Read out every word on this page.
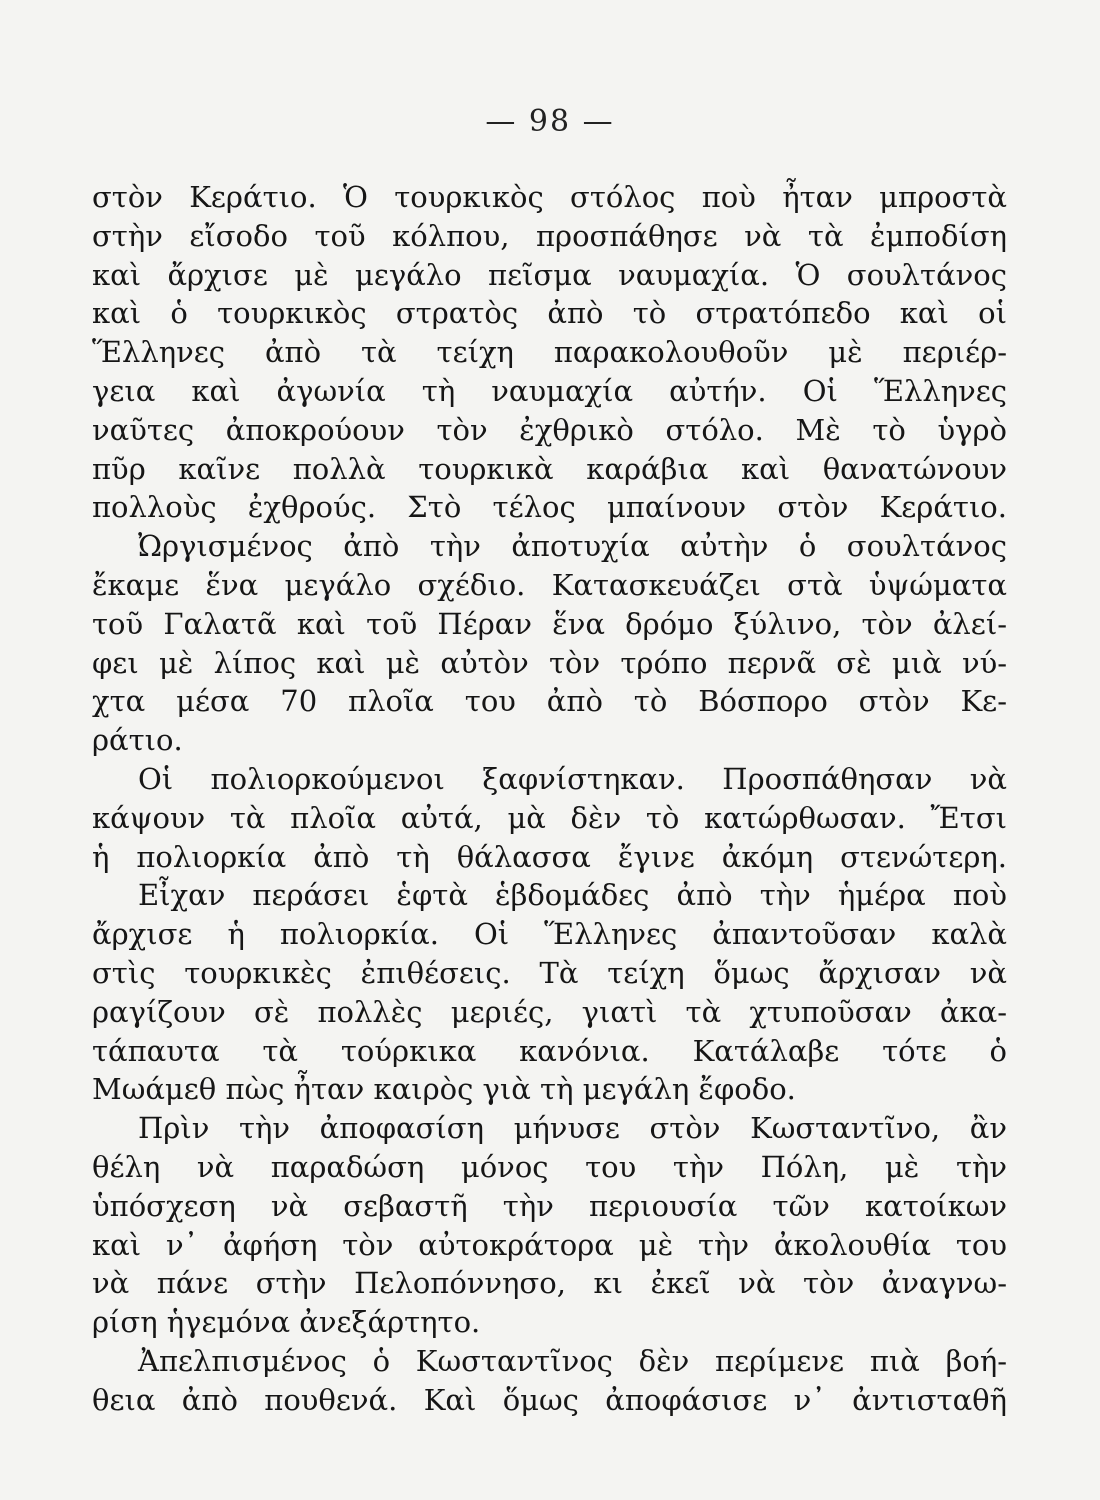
— 98 —
στὸν Κεράτιο. Ὁ τουρκικὸς στόλος ποὺ ἦταν μπροστὰ
στὴν εἴσοδο τοῦ κόλπου, προσπάθησε νὰ τὰ ἐμποδίση
καὶ ἄρχισε μὲ μεγάλο πεῖσμα ναυμαχία. Ὁ σουλτάνος
καὶ ὁ τουρκικὸς στρατὸς ἀπὸ τὸ στρατόπεδο καὶ οἱ
Ἕλληνες ἀπὸ τὰ τείχη παρακολουθοῦν μὲ περιέρ-
γεια καὶ ἀγωνία τὴ ναυμαχία αὐτήν. Οἱ Ἕλληνες
ναῦτες ἀποκρούουν τὸν ἐχθρικὸ στόλο. Μὲ τὸ ὑγρὸ
πῦρ καῖνε πολλὰ τουρκικὰ καράβια καὶ θανατώνουν
πολλοὺς ἐχθρούς. Στὸ τέλος μπαίνουν στὸν Κεράτιο.
Ὠργισμένος ἀπὸ τὴν ἀποτυχία αὐτὴν ὁ σουλτάνος
ἔκαμε ἕνα μεγάλο σχέδιο. Κατασκευάζει στὰ ὑψώματα
τοῦ Γαλατᾶ καὶ τοῦ Πέραν ἕνα δρόμο ξύλινο, τὸν ἀλεί-
φει μὲ λίπος καὶ μὲ αὐτὸν τὸν τρόπο περνᾶ σὲ μιὰ νύ-
χτα μέσα 70 πλοῖα του ἀπὸ τὸ Βόσπορο στὸν Κε-
ράτιο.
Οἱ πολιορκούμενοι ξαφνίστηκαν. Προσπάθησαν νὰ
κάψουν τὰ πλοῖα αὐτά, μὰ δὲν τὸ κατώρθωσαν. Ἔτσι
ἡ πολιορκία ἀπὸ τὴ θάλασσα ἔγινε ἀκόμη στενώτερη.
Εἶχαν περάσει ἑφτὰ ἑβδομάδες ἀπὸ τὴν ἡμέρα ποὺ
ἄρχισε ἡ πολιορκία. Οἱ Ἕλληνες ἀπαντοῦσαν καλὰ
στὶς τουρκικὲς ἐπιθέσεις. Τὰ τείχη ὅμως ἄρχισαν νὰ
ραγίζουν σὲ πολλὲς μεριές, γιατὶ τὰ χτυποῦσαν ἀκα-
τάπαυτα τὰ τούρκικα κανόνια. Κατάλαβε τότε ὁ
Μωάμεθ πὼς ἦταν καιρὸς γιὰ τὴ μεγάλη ἔφοδο.
Πρὶν τὴν ἀποφασίση μήνυσε στὸν Κωσταντῖνο, ἂν
θέλη νὰ παραδώση μόνος του τὴν Πόλη, μὲ τὴν
ὑπόσχεση νὰ σεβαστῆ τὴν περιουσία τῶν κατοίκων
καὶ ν᾿ ἀφήση τὸν αὐτοκράτορα μὲ τὴν ἀκολουθία του
νὰ πάνε στὴν Πελοπόννησο, κι ἐκεῖ νὰ τὸν ἀναγνω-
ρίση ἡγεμόνα ἀνεξάρτητο.
Ἀπελπισμένος ὁ Κωσταντῖνος δὲν περίμενε πιὰ βοή-
θεια ἀπὸ πουθενά. Καὶ ὅμως ἀποφάσισε ν᾿ ἀντισταθῆ
